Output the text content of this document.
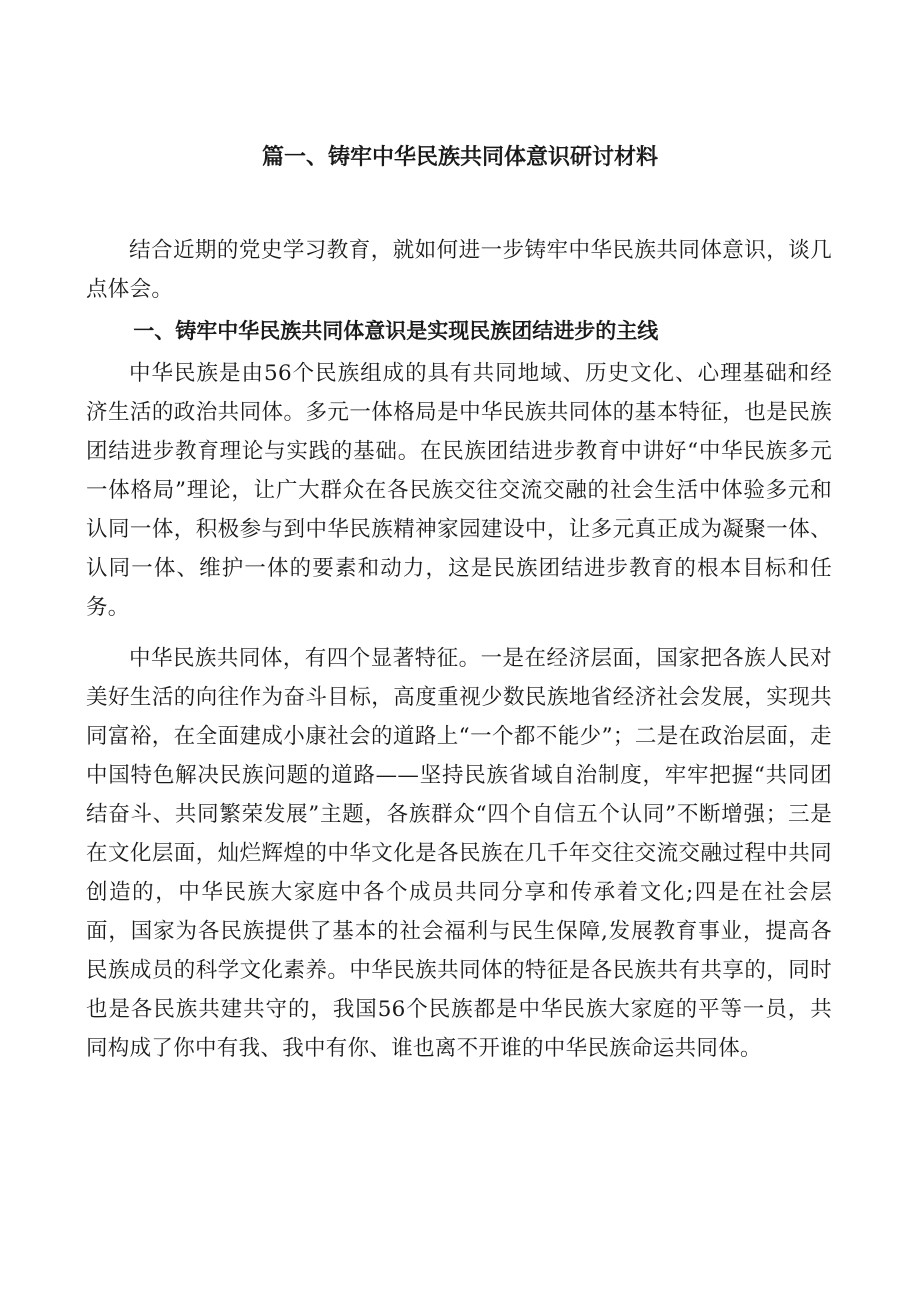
篇一、铸牢中华民族共同体意识研讨材料

结合近期的党史学习教育，就如何进一步铸牢中华民族共同体意识，谈几点体会。

一、铸牢中华民族共同体意识是实现民族团结进步的主线

中华民族是由56个民族组成的具有共同地域、历史文化、心理基础和经济生活的政治共同体。多元一体格局是中华民族共同体的基本特征，也是民族团结进步教育理论与实践的基础。在民族团结进步教育中讲好“中华民族多元一体格局”理论，让广大群众在各民族交往交流交融的社会生活中体验多元和认同一体，积极参与到中华民族精神家园建设中，让多元真正成为凝聚一体、认同一体、维护一体的要素和动力，这是民族团结进步教育的根本目标和任务。

中华民族共同体，有四个显著特征。一是在经济层面，国家把各族人民对美好生活的向往作为奋斗目标，高度重视少数民族地省经济社会发展，实现共同富裕，在全面建成小康社会的道路上“一个都不能少”；二是在政治层面，走中国特色解决民族问题的道路——坚持民族省域自治制度，牢牢把握“共同团结奋斗、共同繁荣发展”主题，各族群众“四个自信五个认同”不断增强；三是在文化层面，灿烂辉煌的中华文化是各民族在几千年交往交流交融过程中共同创造的，中华民族大家庭中各个成员共同分享和传承着文化;四是在社会层面，国家为各民族提供了基本的社会福利与民生保障,发展教育事业，提高各民族成员的科学文化素养。中华民族共同体的特征是各民族共有共享的，同时也是各民族共建共守的，我国56个民族都是中华民族大家庭的平等一员，共同构成了你中有我、我中有你、谁也离不开谁的中华民族命运共同体。
